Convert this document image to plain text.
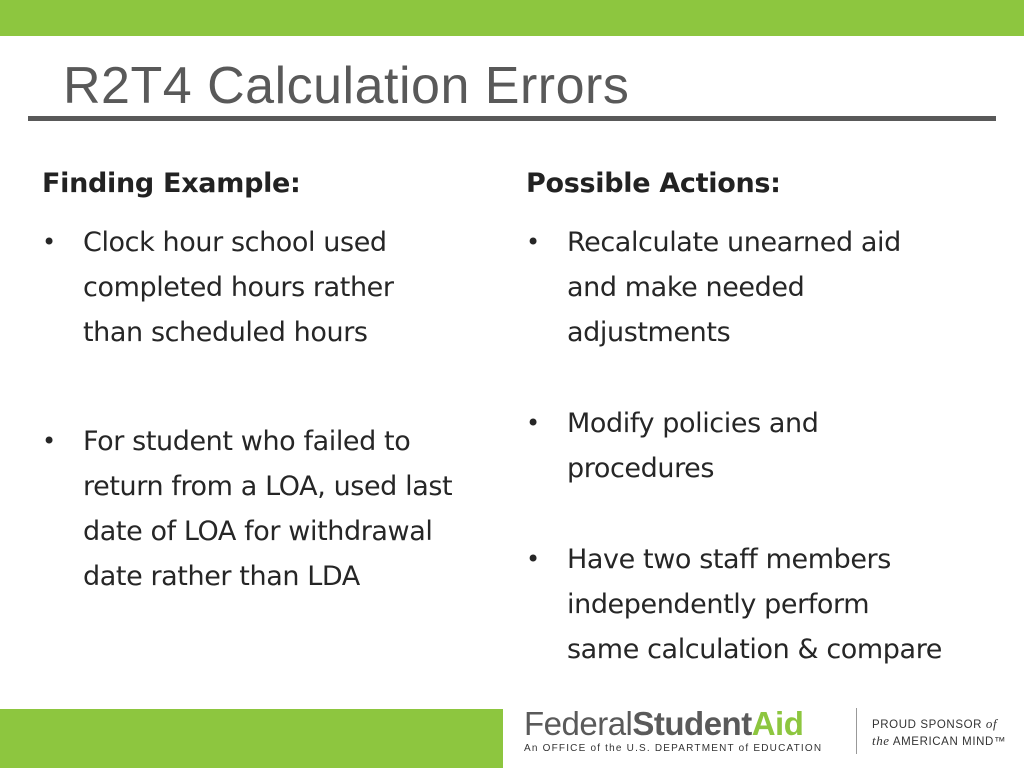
R2T4 Calculation Errors
Finding Example:
• Clock hour school used
completed hours rather
than scheduled hours
• For student who failed to
return from a LOA, used last
date of LOA for withdrawal
date rather than LDA
Possible Actions:
• Recalculate unearned aid
and make needed
adjustments
• Modify policies and
procedures
• Have two staff members
independently perform
same calculation & compare
FederalStudentAid
An OFFICE of the U.S. DEPARTMENT of EDUCATION
PROUD SPONSOR of
the AMERICAN MIND™
